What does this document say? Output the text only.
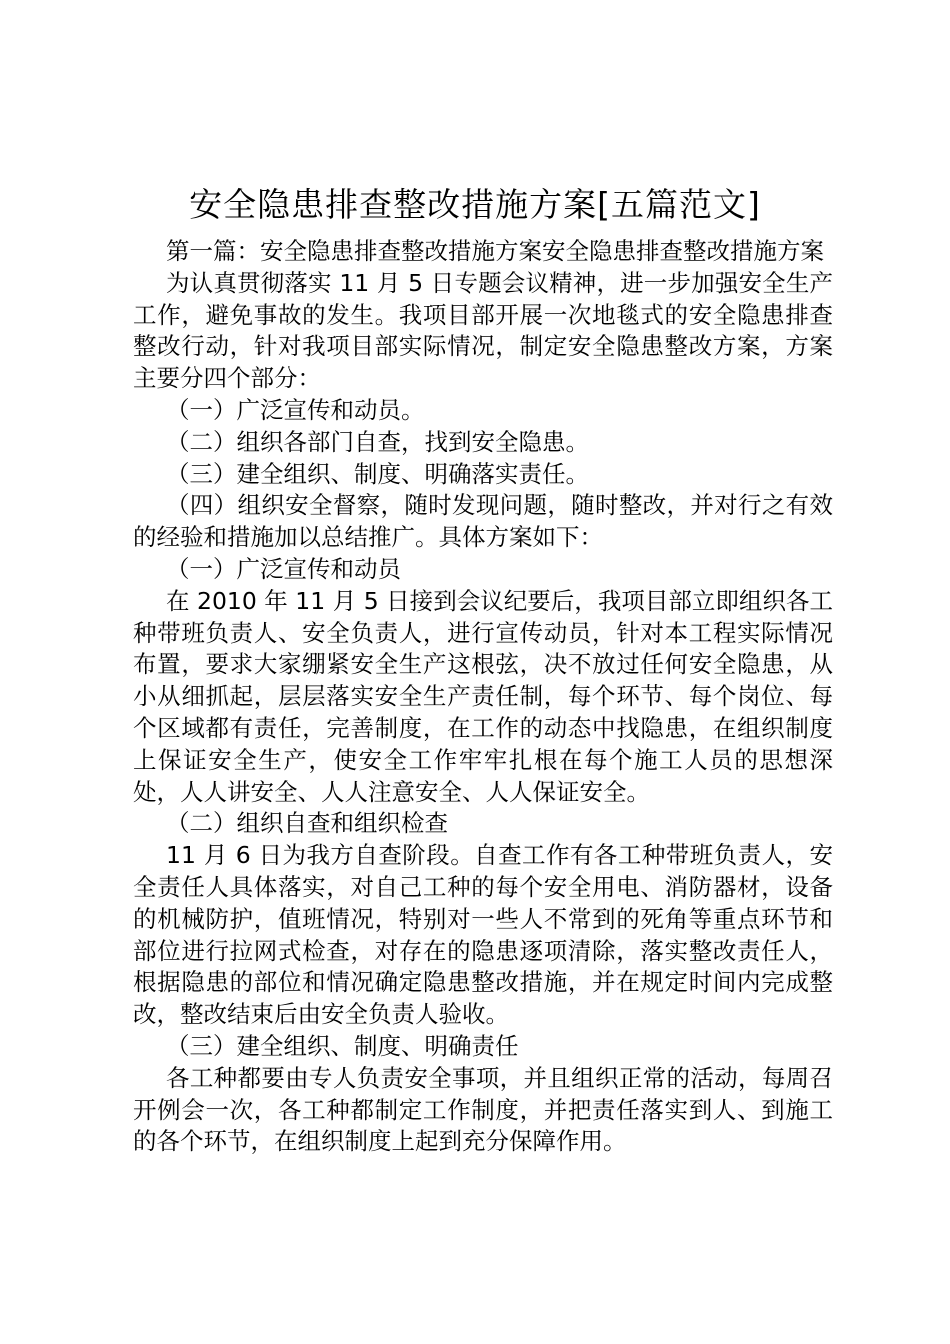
安全隐患排查整改措施方案[五篇范文]

第一篇：安全隐患排查整改措施方案安全隐患排查整改措施方案

为认真贯彻落实 11 月 5 日专题会议精神，进一步加强安全生产工作，避免事故的发生。我项目部开展一次地毯式的安全隐患排查整改行动，针对我项目部实际情况，制定安全隐患整改方案，方案主要分四个部分：

（一）广泛宣传和动员。

（二）组织各部门自查，找到安全隐患。

（三）建全组织、制度、明确落实责任。

（四）组织安全督察，随时发现问题，随时整改，并对行之有效的经验和措施加以总结推广。具体方案如下：

（一）广泛宣传和动员

在 2010 年 11 月 5 日接到会议纪要后，我项目部立即组织各工种带班负责人、安全负责人，进行宣传动员，针对本工程实际情况布置，要求大家绷紧安全生产这根弦，决不放过任何安全隐患，从小从细抓起，层层落实安全生产责任制，每个环节、每个岗位、每个区域都有责任，完善制度，在工作的动态中找隐患，在组织制度上保证安全生产，使安全工作牢牢扎根在每个施工人员的思想深处，人人讲安全、人人注意安全、人人保证安全。

（二）组织自查和组织检查

11 月 6 日为我方自查阶段。自查工作有各工种带班负责人，安全责任人具体落实，对自己工种的每个安全用电、消防器材，设备的机械防护，值班情况，特别对一些人不常到的死角等重点环节和部位进行拉网式检查，对存在的隐患逐项清除，落实整改责任人，根据隐患的部位和情况确定隐患整改措施，并在规定时间内完成整改，整改结束后由安全负责人验收。

（三）建全组织、制度、明确责任

各工种都要由专人负责安全事项，并且组织正常的活动，每周召开例会一次，各工种都制定工作制度，并把责任落实到人、到施工的各个环节，在组织制度上起到充分保障作用。
